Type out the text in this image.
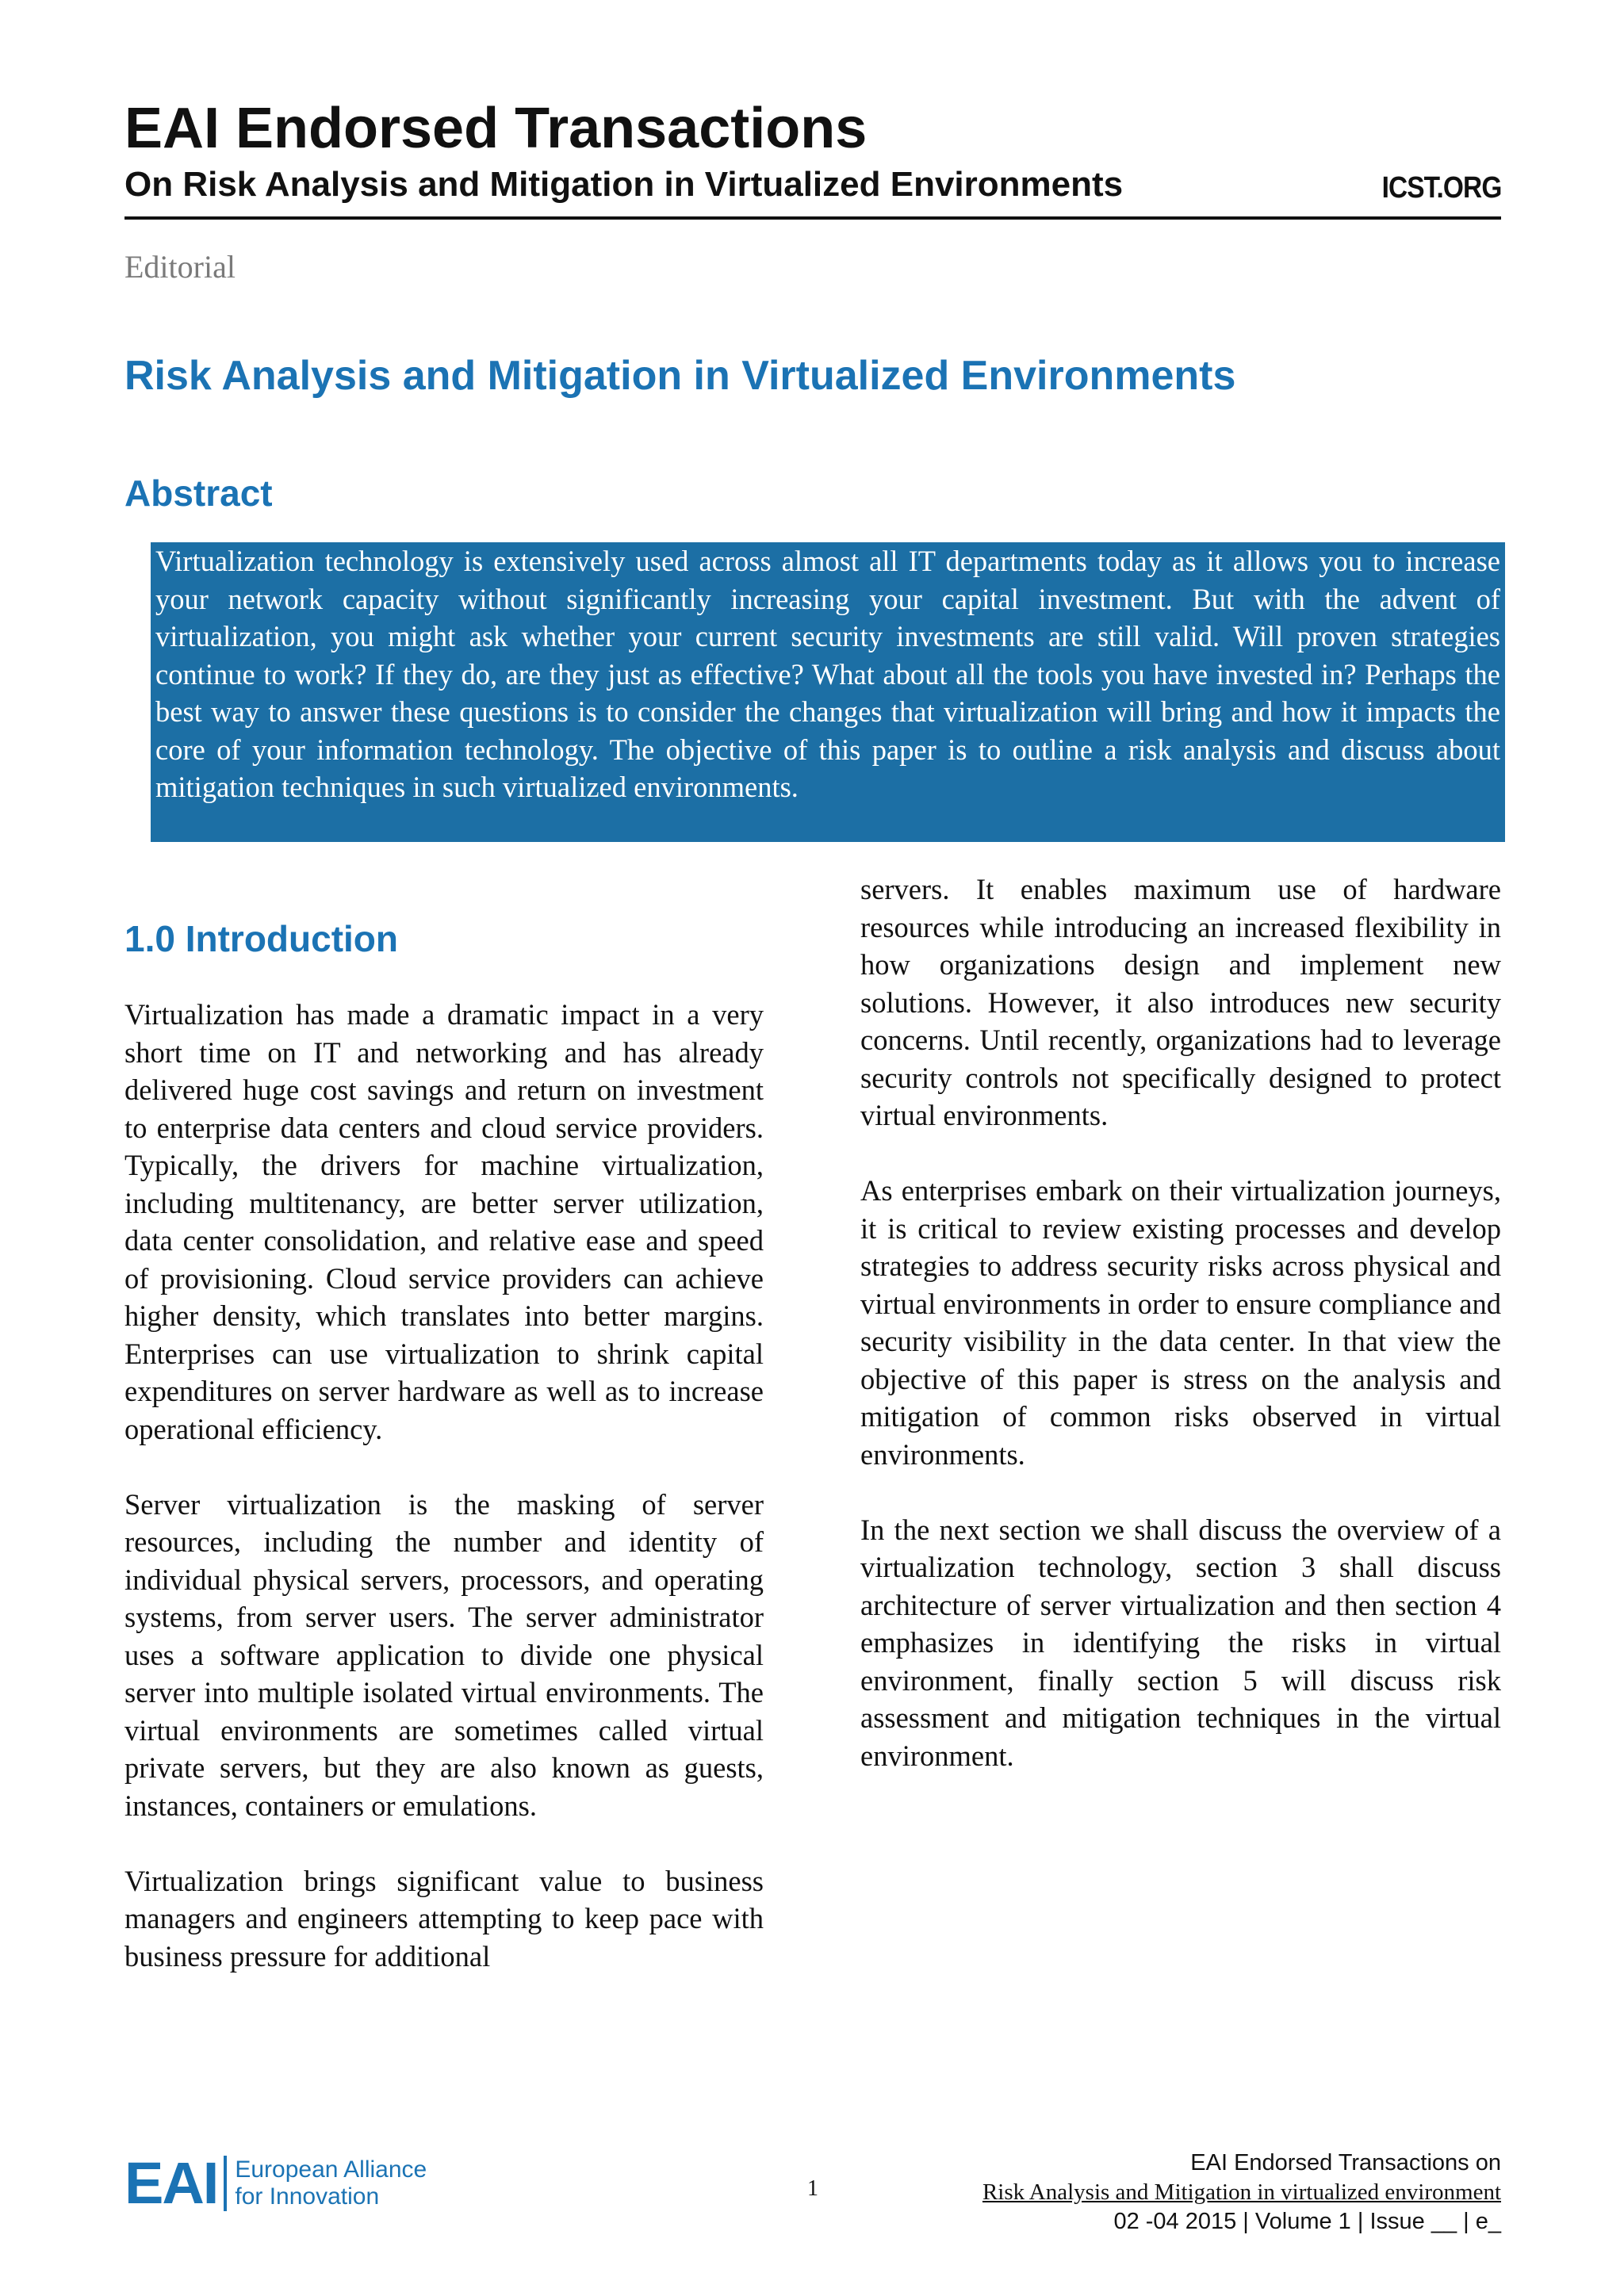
EAI Endorsed Transactions
On Risk Analysis and Mitigation in Virtualized Environments	ICST.ORG
Editorial
Risk Analysis and Mitigation in Virtualized Environments
Abstract

Virtualization technology is extensively used across almost all IT departments today as it allows you to increase your network capacity without significantly increasing your capital investment. But with the advent of virtualization, you might ask whether your current security investments are still valid. Will proven strategies continue to work? If they do, are they just as effective? What about all the tools you have invested in? Perhaps the best way to answer these questions is to consider the changes that virtualization will bring and how it impacts the core of your information technology. The objective of this paper is to outline a risk analysis and discuss about mitigation techniques in such virtualized environments.

1.0 Introduction

Virtualization has made a dramatic impact in a very short time on IT and networking and has already delivered huge cost savings and return on investment to enterprise data centers and cloud service providers. Typically, the drivers for machine virtualization, including multitenancy, are better server utilization, data center consolidation, and relative ease and speed of provisioning. Cloud service providers can achieve higher density, which translates into better margins. Enterprises can use virtualization to shrink capital expenditures on server hardware as well as to increase operational efficiency.

Server virtualization is the masking of server resources, including the number and identity of individual physical servers, processors, and operating systems, from server users. The server administrator uses a software application to divide one physical server into multiple isolated virtual environments. The virtual environments are sometimes called virtual private servers, but they are also known as guests, instances, containers or emulations.

Virtualization brings significant value to business managers and engineers attempting to keep pace with business pressure for additional

servers. It enables maximum use of hardware resources while introducing an increased flexibility in how organizations design and implement new solutions. However, it also introduces new security concerns. Until recently, organizations had to leverage security controls not specifically designed to protect virtual environments.

As enterprises embark on their virtualization journeys, it is critical to review existing processes and develop strategies to address security risks across physical and virtual environments in order to ensure compliance and security visibility in the data center. In that view the objective of this paper is stress on the analysis and mitigation of common risks observed in virtual environments.

In the next section we shall discuss the overview of a virtualization technology, section 3 shall discuss architecture of server virtualization and then section 4 emphasizes in identifying the risks in virtual environment, finally section 5 will discuss risk assessment and mitigation techniques in the virtual environment.

EAI European Alliance
for Innovation	1
EAI Endorsed Transactions on
Risk Analysis and Mitigation in virtualized environment
02 -04 2015 | Volume 1 | Issue __ | e_
